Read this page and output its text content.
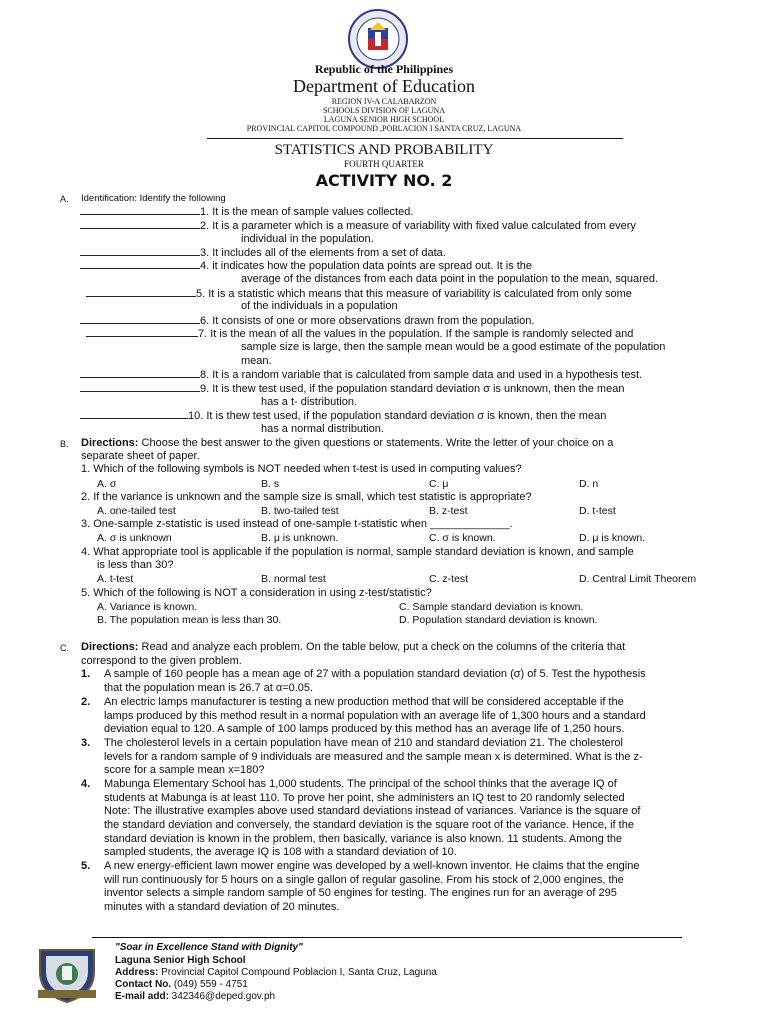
Republic of the Philippines
Department of Education
REGION IV-A CALABARZON
SCHOOLS DIVISION OF LAGUNA
LAGUNA SENIOR HIGH SCHOOL
PROVINCIAL CAPITOL COMPOUND ,POBLACION I SANTA CRUZ, LAGUNA
STATISTICS AND PROBABILITY
FOURTH QUARTER
ACTIVITY NO. 2
A. Identification: Identify the following
1. It is the mean of sample values collected.
2. It is a parameter which is a measure of variability with fixed value calculated from every
individual in the population.
3. It includes all of the elements from a set of data.
4. it indicates how the population data points are spread out. It is the
average of the distances from each data point in the population to the mean, squared.
5. It is a statistic which means that this measure of variability is calculated from only some
of the individuals in a population
6. It consists of one or more observations drawn from the population.
7. It is the mean of all the values in the population. If the sample is randomly selected and
sample size is large, then the sample mean would be a good estimate of the population
mean.
8. It is a random variable that is calculated from sample data and used in a hypothesis test.
9. It is thew test used, if the population standard deviation σ is unknown, then the mean
has a t- distribution.
10. It is thew test used, if the population standard deviation σ is known, then the mean
has a normal distribution.
B. Directions: Choose the best answer to the given questions or statements. Write the letter of your choice on a
separate sheet of paper.
1. Which of the following symbols is NOT needed when t-test is used in computing values?
A. σ	B. s	C. μ	D. n
2. If the variance is unknown and the sample size is small, which test statistic is appropriate?
A. one-tailed test	B. two-tailed test	B. z-test	D. t-test
3. One-sample z-statistic is used instead of one-sample t-statistic when _____________.
A. σ is unknown	B. μ is unknown.	C. σ is known.	D. μ is known.
4. What appropriate tool is applicable if the population is normal, sample standard deviation is known, and sample
is less than 30?
A. t-test	B. normal test	C. z-test	D. Central Limit Theorem
5. Which of the following is NOT a consideration in using z-test/statistic?
A. Variance is known.	C. Sample standard deviation is known.
B. The population mean is less than 30.	D. Population standard deviation is known.
C. Directions: Read and analyze each problem. On the table below, put a check on the columns of the criteria that
correspond to the given problem.
1. A sample of 160 people has a mean age of 27 with a population standard deviation (σ) of 5. Test the hypothesis
that the population mean is 26.7 at α=0.05.
2. An electric lamps manufacturer is testing a new production method that will be considered acceptable if the
lamps produced by this method result in a normal population with an average life of 1,300 hours and a standard
deviation equal to 120. A sample of 100 lamps produced by this method has an average life of 1,250 hours.
3. The cholesterol levels in a certain population have mean of 210 and standard deviation 21. The cholesterol
levels for a random sample of 9 individuals are measured and the sample mean x is determined. What is the z-
score for a sample mean x=180?
4. Mabunga Elementary School has 1,000 students. The principal of the school thinks that the average IQ of
students at Mabunga is at least 110. To prove her point, she administers an IQ test to 20 randomly selected
Note: The illustrative examples above used standard deviations instead of variances. Variance is the square of
the standard deviation and conversely, the standard deviation is the square root of the variance. Hence, if the
standard deviation is known in the problem, then basically, variance is also known. 11 students. Among the
sampled students, the average IQ is 108 with a standard deviation of 10.
5. A new energy-efficient lawn mower engine was developed by a well-known inventor. He claims that the engine
will run continuously for 5 hours on a single gallon of regular gasoline. From his stock of 2,000 engines, the
inventor selects a simple random sample of 50 engines for testing. The engines run for an average of 295
minutes with a standard deviation of 20 minutes.
"Soar in Excellence Stand with Dignity"
Laguna Senior High School
Address: Provincial Capitol Compound Poblacion I, Santa Cruz, Laguna
Contact No. (049) 559 - 4751
E-mail add: 342346@deped.gov.ph
